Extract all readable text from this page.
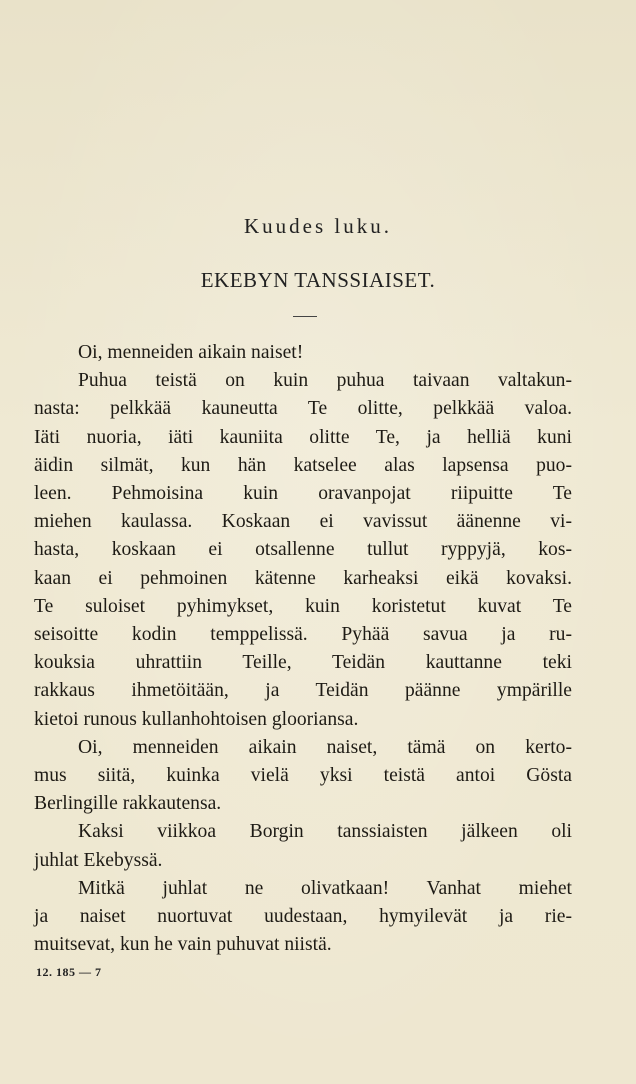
Kuudes luku.
EKEBYN TANSSIAISET.

Oi, menneiden aikain naiset!

Puhua teistä on kuin puhua taivaan valtakun-
nasta: pelkkää kauneutta Te olitte, pelkkää valoa.
Iäti nuoria, iäti kauniita olitte Te, ja helliä kuni
äidin silmät, kun hän katselee alas lapsensa puo-
leen. Pehmoisina kuin oravanpojat riipuitte Te
miehen kaulassa. Koskaan ei vavissut äänenne vi-
hasta, koskaan ei otsallenne tullut ryppyjä, kos-
kaan ei pehmoinen kätenne karheaksi eikä kovaksi.
Te suloiset pyhimykset, kuin koristetut kuvat Te
seisoitte kodin temppelissä. Pyhää savua ja ru-
kouksia uhrattiin Teille, Teidän kauttanne teki
rakkaus ihmetöitään, ja Teidän päänne ympärille
kietoi runous kullanhohtoisen glooriansa.

Oi, menneiden aikain naiset, tämä on kerto-
mus siitä, kuinka vielä yksi teistä antoi Gösta
Berlingille rakkautensa.

Kaksi viikkoa Borgin tanssiaisten jälkeen oli
juhlat Ekebyssä.

Mitkä juhlat ne olivatkaan! Vanhat miehet
ja naiset nuortuvat uudestaan, hymyilevät ja rie-
muitsevat, kun he vain puhuvat niistä.

12. 185 — 7
